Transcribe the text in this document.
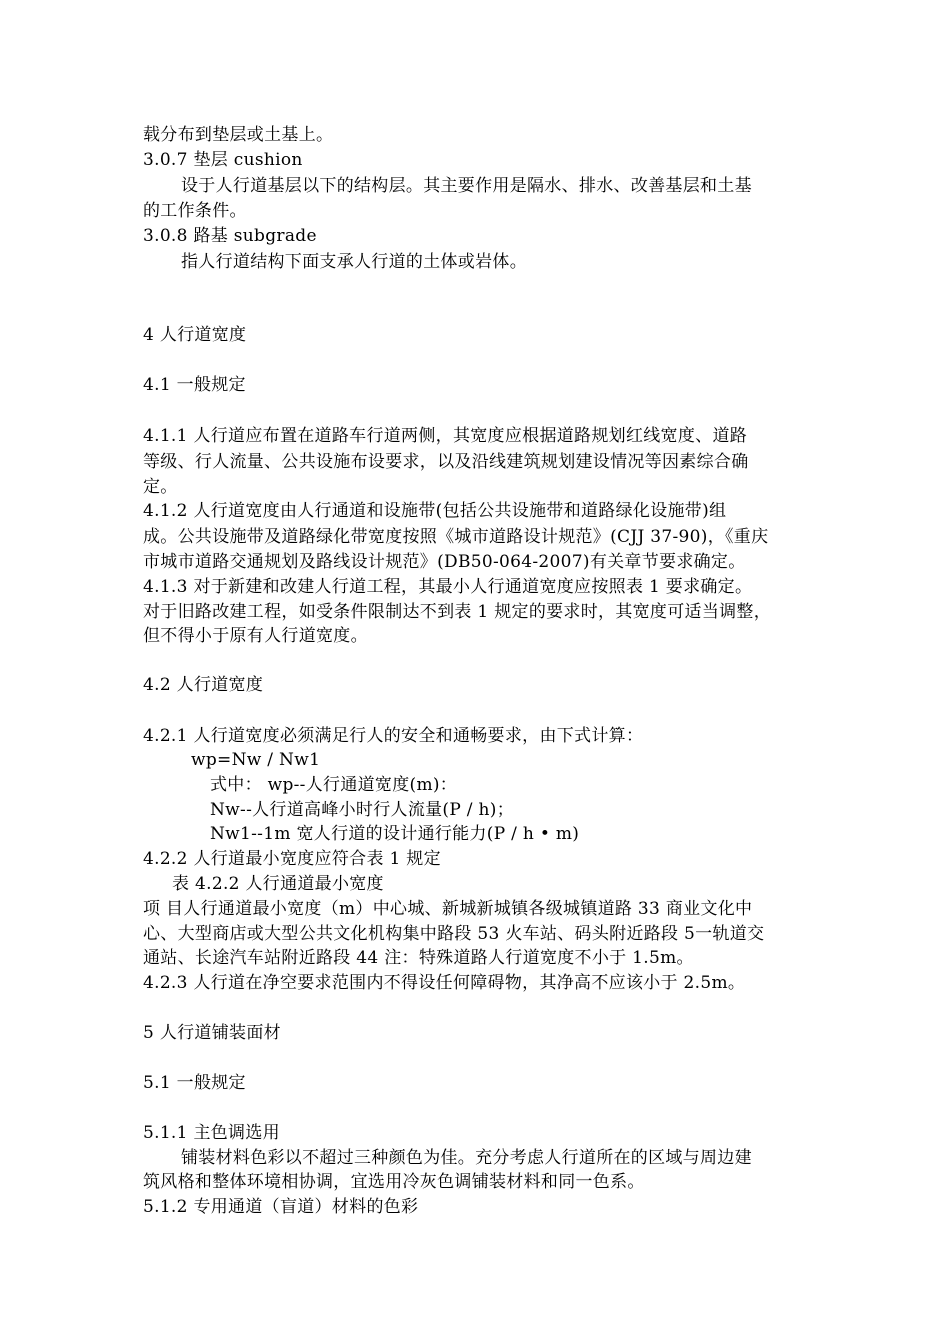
载分布到垫层或土基上。
3.0.7 垫层 cushion
设于人行道基层以下的结构层。其主要作用是隔水、排水、改善基层和土基
的工作条件。
3.0.8 路基 subgrade
指人行道结构下面支承人行道的土体或岩体。
4 人行道宽度
4.1 一般规定
4.1.1 人行道应布置在道路车行道两侧，其宽度应根据道路规划红线宽度、道路
等级、行人流量、公共设施布设要求，以及沿线建筑规划建设情况等因素综合确
定。
4.1.2 人行道宽度由人行通道和设施带(包括公共设施带和道路绿化设施带)组
成。公共设施带及道路绿化带宽度按照《城市道路设计规范》(CJJ 37-90)，《重庆
市城市道路交通规划及路线设计规范》(DB50-064-2007)有关章节要求确定。
4.1.3 对于新建和改建人行道工程，其最小人行通道宽度应按照表 1 要求确定。
对于旧路改建工程，如受条件限制达不到表 1 规定的要求时，其宽度可适当调整，
但不得小于原有人行道宽度。
4.2 人行道宽度
4.2.1 人行道宽度必须满足行人的安全和通畅要求，由下式计算：
wp=Nw / Nw1
式中： wp--人行通道宽度(m)：
Nw--人行道高峰小时行人流量(P / h)；
Nw1--1m 宽人行道的设计通行能力(P / h • m)
4.2.2 人行道最小宽度应符合表 1 规定
表 4.2.2 人行通道最小宽度
项 目人行通道最小宽度（m）中心城、新城新城镇各级城镇道路 33 商业文化中
心、大型商店或大型公共文化机构集中路段 53 火车站、码头附近路段 5一轨道交
通站、长途汽车站附近路段 44 注：特殊道路人行道宽度不小于 1.5m。
4.2.3 人行道在净空要求范围内不得设任何障碍物，其净高不应该小于 2.5m。
5 人行道铺装面材
5.1 一般规定
5.1.1 主色调选用
铺装材料色彩以不超过三种颜色为佳。充分考虑人行道所在的区域与周边建
筑风格和整体环境相协调，宜选用冷灰色调铺装材料和同一色系。
5.1.2 专用通道（盲道）材料的色彩
